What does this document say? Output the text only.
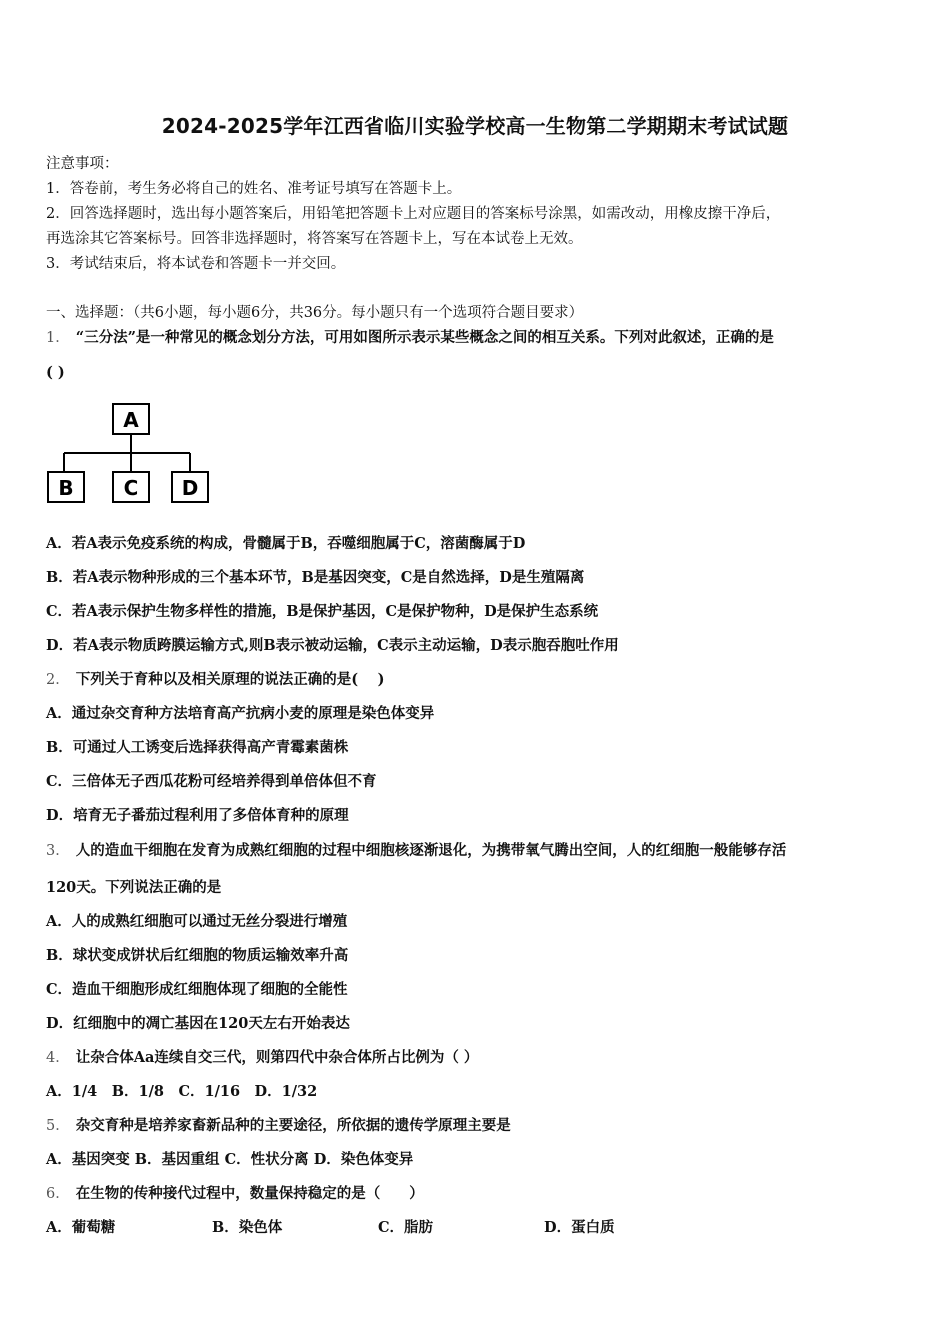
2024-2025学年江西省临川实验学校高一生物第二学期期末考试试题
注意事项：
1．答卷前，考生务必将自己的姓名、准考证号填写在答题卡上。
2．回答选择题时，选出每小题答案后，用铅笔把答题卡上对应题目的答案标号涂黑，如需改动，用橡皮擦干净后，
再选涂其它答案标号。回答非选择题时，将答案写在答题卡上，写在本试卷上无效。
3．考试结束后，将本试卷和答题卡一并交回。
一、选择题：（共6小题，每小题6分，共36分。每小题只有一个选项符合题目要求）
1． “三分法”是一种常见的概念划分方法，可用如图所示表示某些概念之间的相互关系。下列对此叙述，正确的是
( )
A
B	C D
A．若A表示免疫系统的构成，骨髓属于B，吞噬细胞属于C，溶菌酶属于D
B．若A表示物种形成的三个基本环节，B是基因突变，C是自然选择，D是生殖隔离
C．若A表示保护生物多样性的措施，B是保护基因，C是保护物种，D是保护生态系统
D．若A表示物质跨膜运输方式,则B表示被动运输，C表示主动运输，D表示胞吞胞吐作用
2． 下列关于育种以及相关原理的说法正确的是(　 )
A．通过杂交育种方法培育高产抗病小麦的原理是染色体变异
B．可通过人工诱变后选择获得高产青霉素菌株
C．三倍体无子西瓜花粉可经培养得到单倍体但不育
D．培育无子番茄过程利用了多倍体育种的原理
3． 人的造血干细胞在发育为成熟红细胞的过程中细胞核逐渐退化，为携带氧气腾出空间，人的红细胞一般能够存活
120天。下列说法正确的是
A．人的成熟红细胞可以通过无丝分裂进行增殖
B．球状变成饼状后红细胞的物质运输效率升高
C．造血干细胞形成红细胞体现了细胞的全能性
D．红细胞中的凋亡基因在120天左右开始表达
4． 让杂合体Aa连续自交三代，则第四代中杂合体所占比例为（ ）
A．1/4　B．1/8　C．1/16　D．1/32
5． 杂交育种是培养家畜新品种的主要途径，所依据的遗传学原理主要是
A．基因突变 B．基因重组 C．性状分离 D．染色体变异
6． 在生物的传种接代过程中，数量保持稳定的是（　　）
A．葡萄糖	B．染色体	C．脂肪	D．蛋白质
